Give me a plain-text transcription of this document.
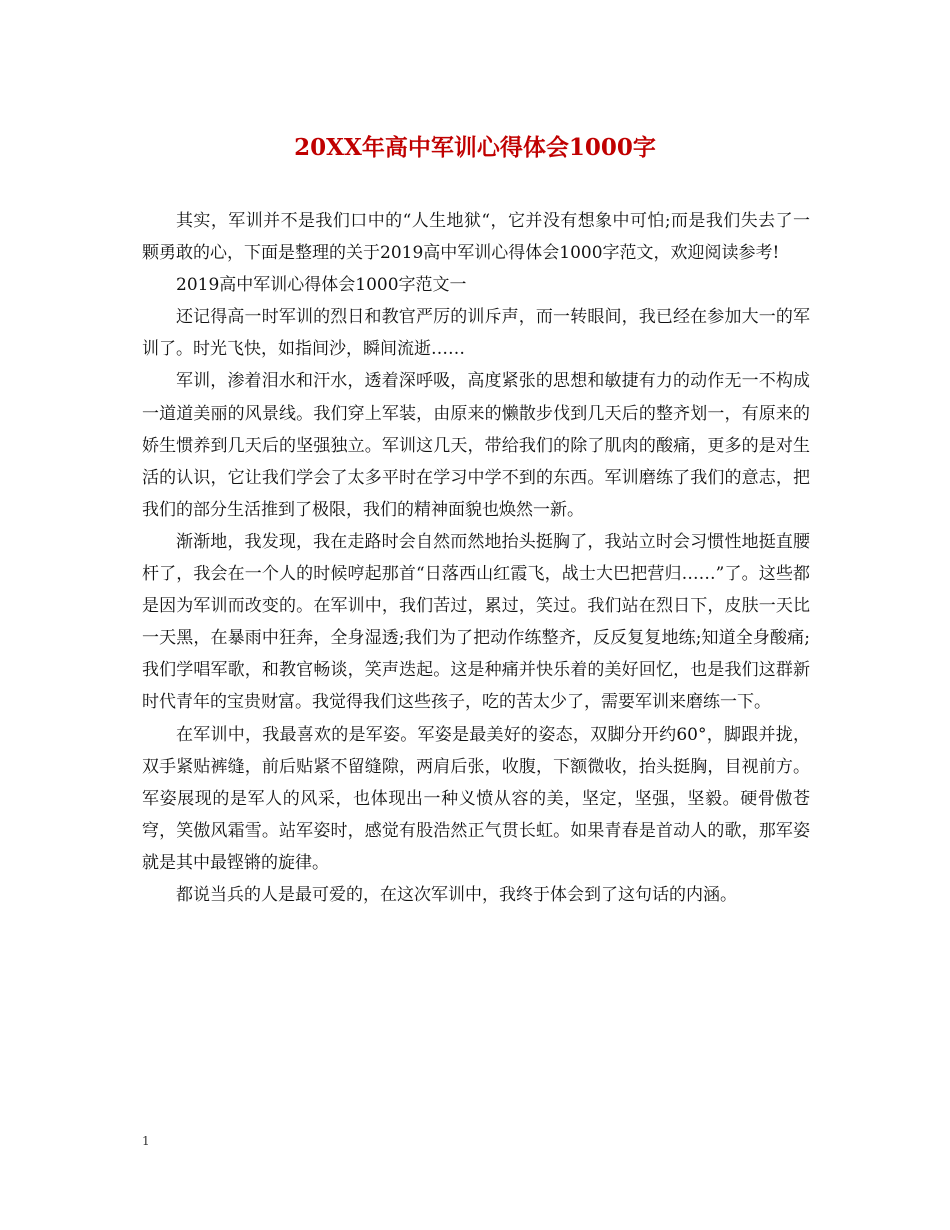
20XX年高中军训心得体会1000字

其实，军训并不是我们口中的“人生地狱“，它并没有想象中可怕;而是我们失去了一颗勇敢的心，下面是整理的关于2019高中军训心得体会1000字范文，欢迎阅读参考!

2019高中军训心得体会1000字范文一

还记得高一时军训的烈日和教官严厉的训斥声，而一转眼间，我已经在参加大一的军训了。时光飞快，如指间沙，瞬间流逝……

军训，渗着泪水和汗水，透着深呼吸，高度紧张的思想和敏捷有力的动作无一不构成一道道美丽的风景线。我们穿上军装，由原来的懒散步伐到几天后的整齐划一，有原来的娇生惯养到几天后的坚强独立。军训这几天，带给我们的除了肌肉的酸痛，更多的是对生活的认识，它让我们学会了太多平时在学习中学不到的东西。军训磨练了我们的意志，把我们的部分生活推到了极限，我们的精神面貌也焕然一新。

渐渐地，我发现，我在走路时会自然而然地抬头挺胸了，我站立时会习惯性地挺直腰杆了，我会在一个人的时候哼起那首“日落西山红霞飞，战士大巴把营归……”了。这些都是因为军训而改变的。在军训中，我们苦过，累过，笑过。我们站在烈日下，皮肤一天比一天黑，在暴雨中狂奔，全身湿透;我们为了把动作练整齐，反反复复地练;知道全身酸痛;我们学唱军歌，和教官畅谈，笑声迭起。这是种痛并快乐着的美好回忆，也是我们这群新时代青年的宝贵财富。我觉得我们这些孩子，吃的苦太少了，需要军训来磨练一下。

在军训中，我最喜欢的是军姿。军姿是最美好的姿态，双脚分开约60°，脚跟并拢，双手紧贴裤缝，前后贴紧不留缝隙，两肩后张，收腹，下额微收，抬头挺胸，目视前方。军姿展现的是军人的风采，也体现出一种义愤从容的美，坚定，坚强，坚毅。硬骨傲苍穹，笑傲风霜雪。站军姿时，感觉有股浩然正气贯长虹。如果青春是首动人的歌，那军姿就是其中最铿锵的旋律。

都说当兵的人是最可爱的，在这次军训中，我终于体会到了这句话的内涵。

1
